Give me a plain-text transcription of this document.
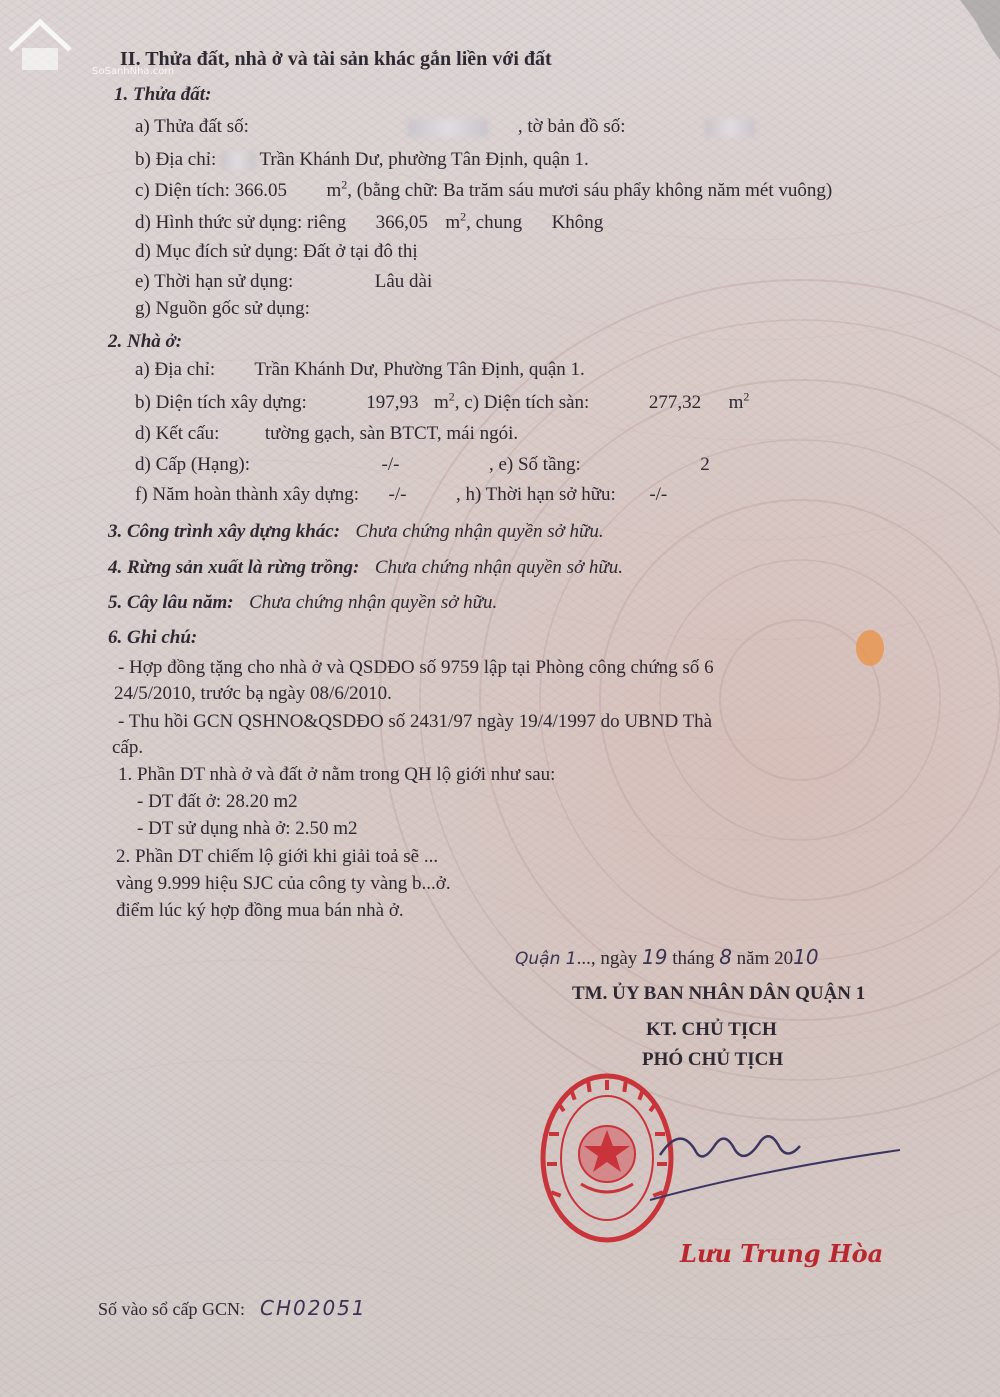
SoSanhNha.com
II. Thửa đất, nhà ở và tài sản khác gắn liền với đất
1. Thửa đất:
a) Thửa đất số:	, tờ bản đồ số:
b) Địa chỉ: Trần Khánh Dư, phường Tân Định, quận 1.
c) Diện tích: 366.05 $m^2$, (bằng chữ: Ba trăm sáu mươi sáu phẩy không năm mét vuông)
d) Hình thức sử dụng: riêng 366,05 $m^2$, chung Không
d) Mục đích sử dụng: Đất ở tại đô thị
e) Thời hạn sử dụng:	Lâu dài
g) Nguồn gốc sử dụng:
2. Nhà ở:
a) Địa chỉ: Trần Khánh Dư, Phường Tân Định, quận 1.
b) Diện tích xây dựng:	197,93 $m^2$, c) Diện tích sàn:	277,32 $m^2$
d) Kết cấu: tường gạch, sàn BTCT, mái ngói.
d) Cấp (Hạng):	-/-	, e) Số tầng:	2
f) Năm hoàn thành xây dựng: -/-	, h) Thời hạn sở hữu: -/-
3. Công trình xây dựng khác: Chưa chứng nhận quyền sở hữu.
4. Rừng sản xuất là rừng trồng: Chưa chứng nhận quyền sở hữu.
5. Cây lâu năm: Chưa chứng nhận quyền sở hữu.
6. Ghi chú:
- Hợp đồng tặng cho nhà ở và QSDĐO số 9759 lập tại Phòng công chứng số 6
24/5/2010, trước bạ ngày 08/6/2010.
- Thu hồi GCN QSHNO&QSDĐO số 2431/97 ngày 19/4/1997 do UBND Thà
cấp.
1. Phần DT nhà ở và đất ở nằm trong QH lộ giới như sau:
- DT đất ở: 28.20 m2
- DT sử dụng nhà ở: 2.50 m2
2. Phần DT chiếm lộ giới khi giải toả sẽ ...
vàng 9.999 hiệu SJC của công ty vàng b...ở.
điểm lúc ký hợp đồng mua bán nhà ở.
Quận 1..., ngày 19 tháng 8 năm 2010
TM. ỦY BAN NHÂN DÂN QUẬN 1
KT. CHỦ TỊCH
PHÓ CHỦ TỊCH
Lưu Trung Hòa
Số vào sổ cấp GCN: CH02051
